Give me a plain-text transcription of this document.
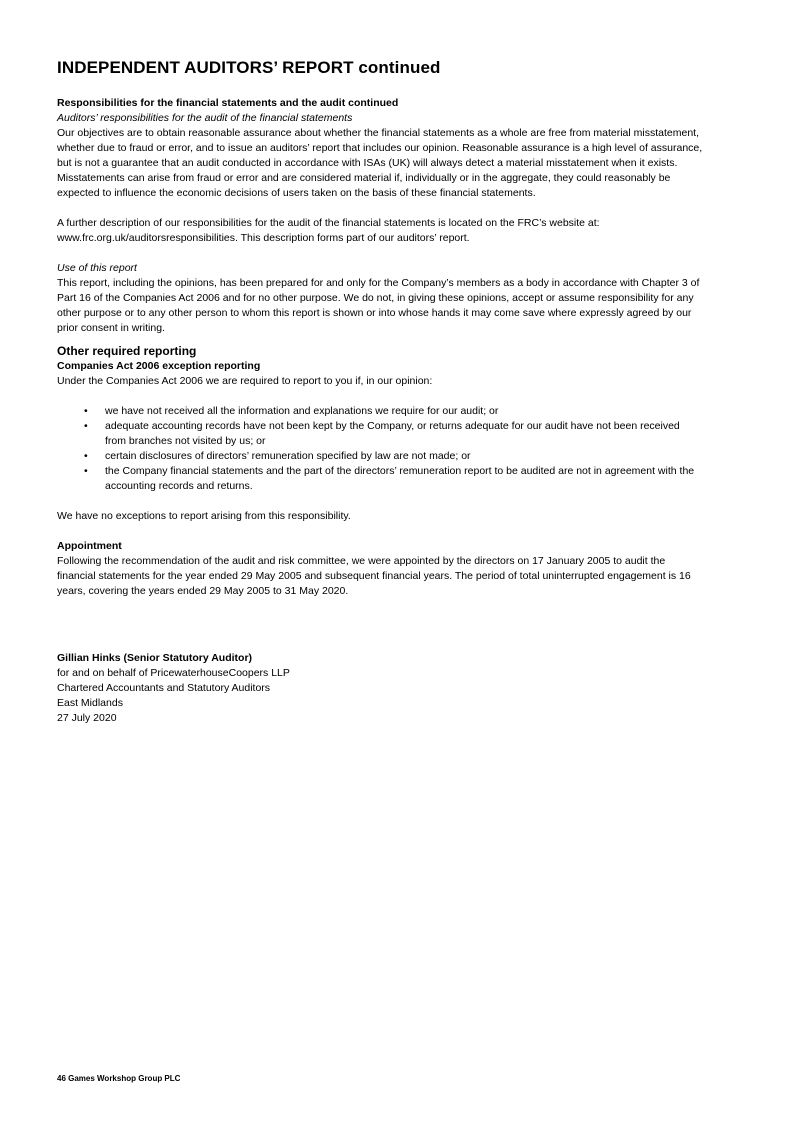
INDEPENDENT AUDITORS’ REPORT continued

Responsibilities for the financial statements and the audit continued

Auditors’ responsibilities for the audit of the financial statements

Our objectives are to obtain reasonable assurance about whether the financial statements as a whole are free from material misstatement,

whether due to fraud or error, and to issue an auditors’ report that includes our opinion. Reasonable assurance is a high level of assurance,

but is not a guarantee that an audit conducted in accordance with ISAs (UK) will always detect a material misstatement when it exists.

Misstatements can arise from fraud or error and are considered material if, individually or in the aggregate, they could reasonably be

expected to influence the economic decisions of users taken on the basis of these financial statements.

A further description of our responsibilities for the audit of the financial statements is located on the FRC’s website at:

www.frc.org.uk/auditorsresponsibilities. This description forms part of our auditors’ report.

Use of this report

This report, including the opinions, has been prepared for and only for the Company’s members as a body in accordance with Chapter 3 of

Part 16 of the Companies Act 2006 and for no other purpose. We do not, in giving these opinions, accept or assume responsibility for any

other purpose or to any other person to whom this report is shown or into whose hands it may come save where expressly agreed by our

prior consent in writing.

Other required reporting

Companies Act 2006 exception reporting

Under the Companies Act 2006 we are required to report to you if, in our opinion:

• we have not received all the information and explanations we require for our audit; or

• adequate accounting records have not been kept by the Company, or returns adequate for our audit have not been received

from branches not visited by us; or

• certain disclosures of directors’ remuneration specified by law are not made; or

• the Company financial statements and the part of the directors’ remuneration report to be audited are not in agreement with the

accounting records and returns.

We have no exceptions to report arising from this responsibility.

Appointment

Following the recommendation of the audit and risk committee, we were appointed by the directors on 17 January 2005 to audit the

financial statements for the year ended 29 May 2005 and subsequent financial years. The period of total uninterrupted engagement is 16

years, covering the years ended 29 May 2005 to 31 May 2020.

Gillian Hinks (Senior Statutory Auditor)

for and on behalf of PricewaterhouseCoopers LLP

Chartered Accountants and Statutory Auditors

East Midlands

27 July 2020

46 Games Workshop Group PLC
